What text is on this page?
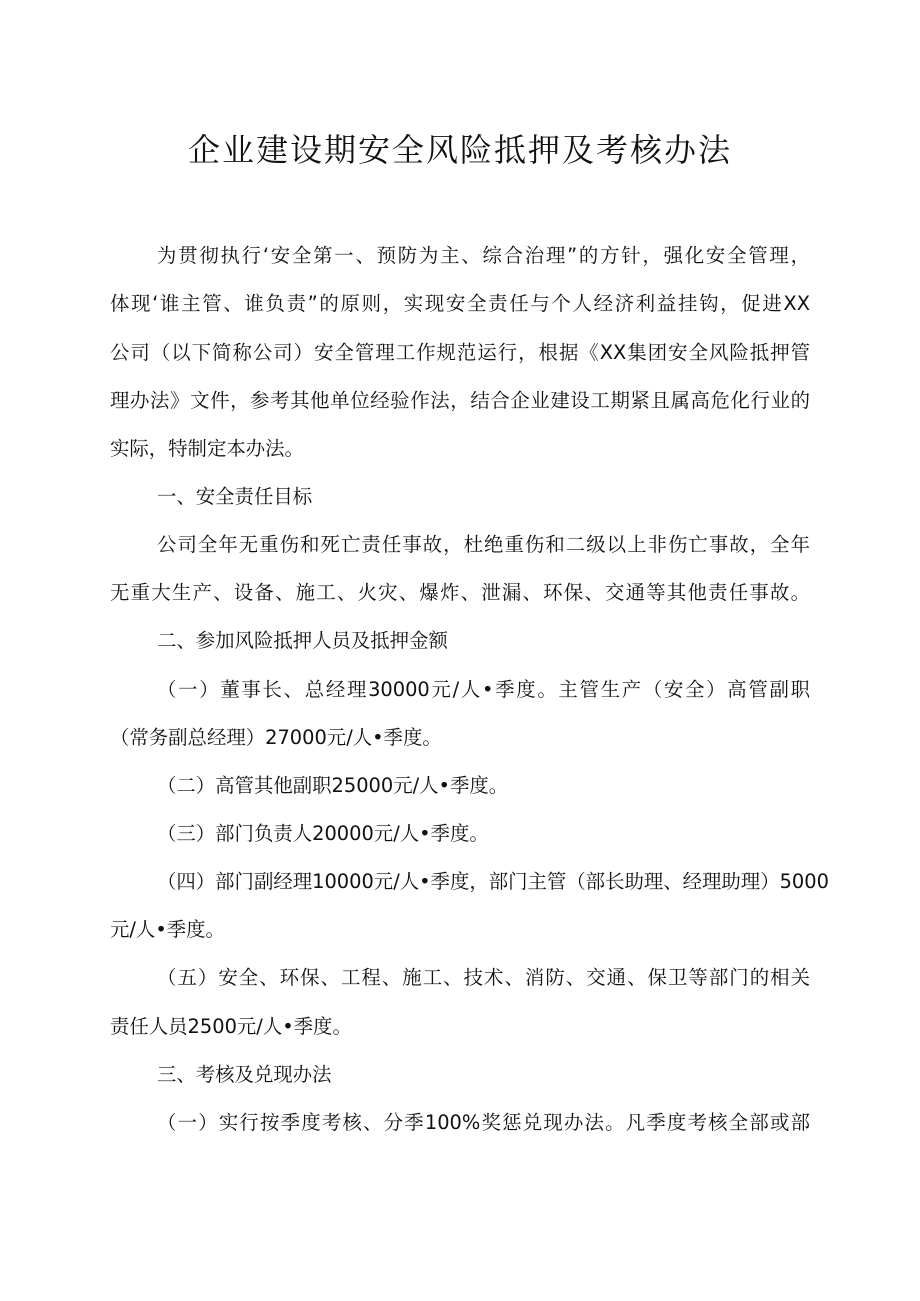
企业建设期安全风险抵押及考核办法
为贯彻执行‘安全第一、预防为主、综合治理”的方针，强化安全管理，
体现‘谁主管、谁负责”的原则，实现安全责任与个人经济利益挂钩，促进XX
公司（以下简称公司）安全管理工作规范运行，根据《XX集团安全风险抵押管
理办法》文件，参考其他单位经验作法，结合企业建设工期紧且属高危化行业的
实际，特制定本办法。
一、安全责任目标
公司全年无重伤和死亡责任事故，杜绝重伤和二级以上非伤亡事故，全年
无重大生产、设备、施工、火灾、爆炸、泄漏、环保、交通等其他责任事故。
二、参加风险抵押人员及抵押金额
（一）董事长、总经理30000元/人•季度。主管生产（安全）高管副职
（常务副总经理）27000元/人•季度。
（二）高管其他副职25000元/人•季度。
（三）部门负责人20000元/人•季度。
（四）部门副经理10000元/人•季度，部门主管（部长助理、经理助理）5000
元/人•季度。
（五）安全、环保、工程、施工、技术、消防、交通、保卫等部门的相关
责任人员2500元/人•季度。
三、考核及兑现办法
（一）实行按季度考核、分季100%奖惩兑现办法。凡季度考核全部或部
